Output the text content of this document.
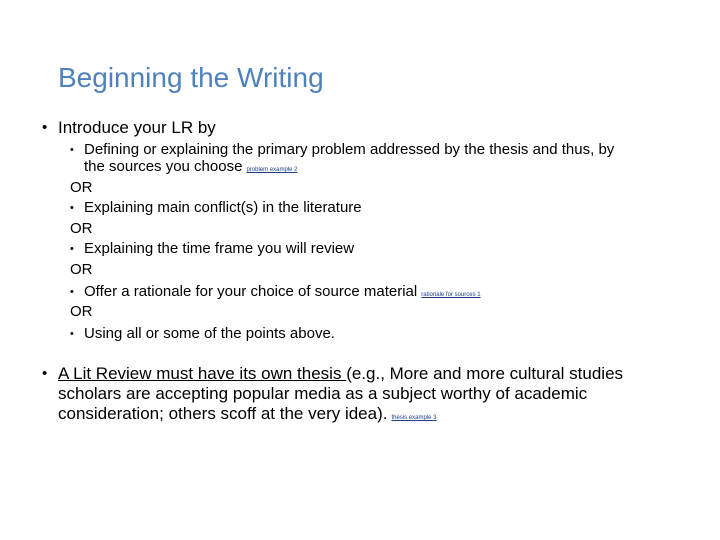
Beginning the Writing
• Introduce your LR by
• Defining or explaining the primary problem addressed by the thesis and thus, by
the sources you choose problem example 2
OR
• Explaining main conflict(s) in the literature
OR
• Explaining the time frame you will review
OR
• Offer a rationale for your choice of source material rationale for sources 1
OR
• Using all or some of the points above.
• A Lit Review must have its own thesis (e.g., More and more cultural studies
scholars are accepting popular media as a subject worthy of academic
consideration; others scoff at the very idea). thesis example 3
